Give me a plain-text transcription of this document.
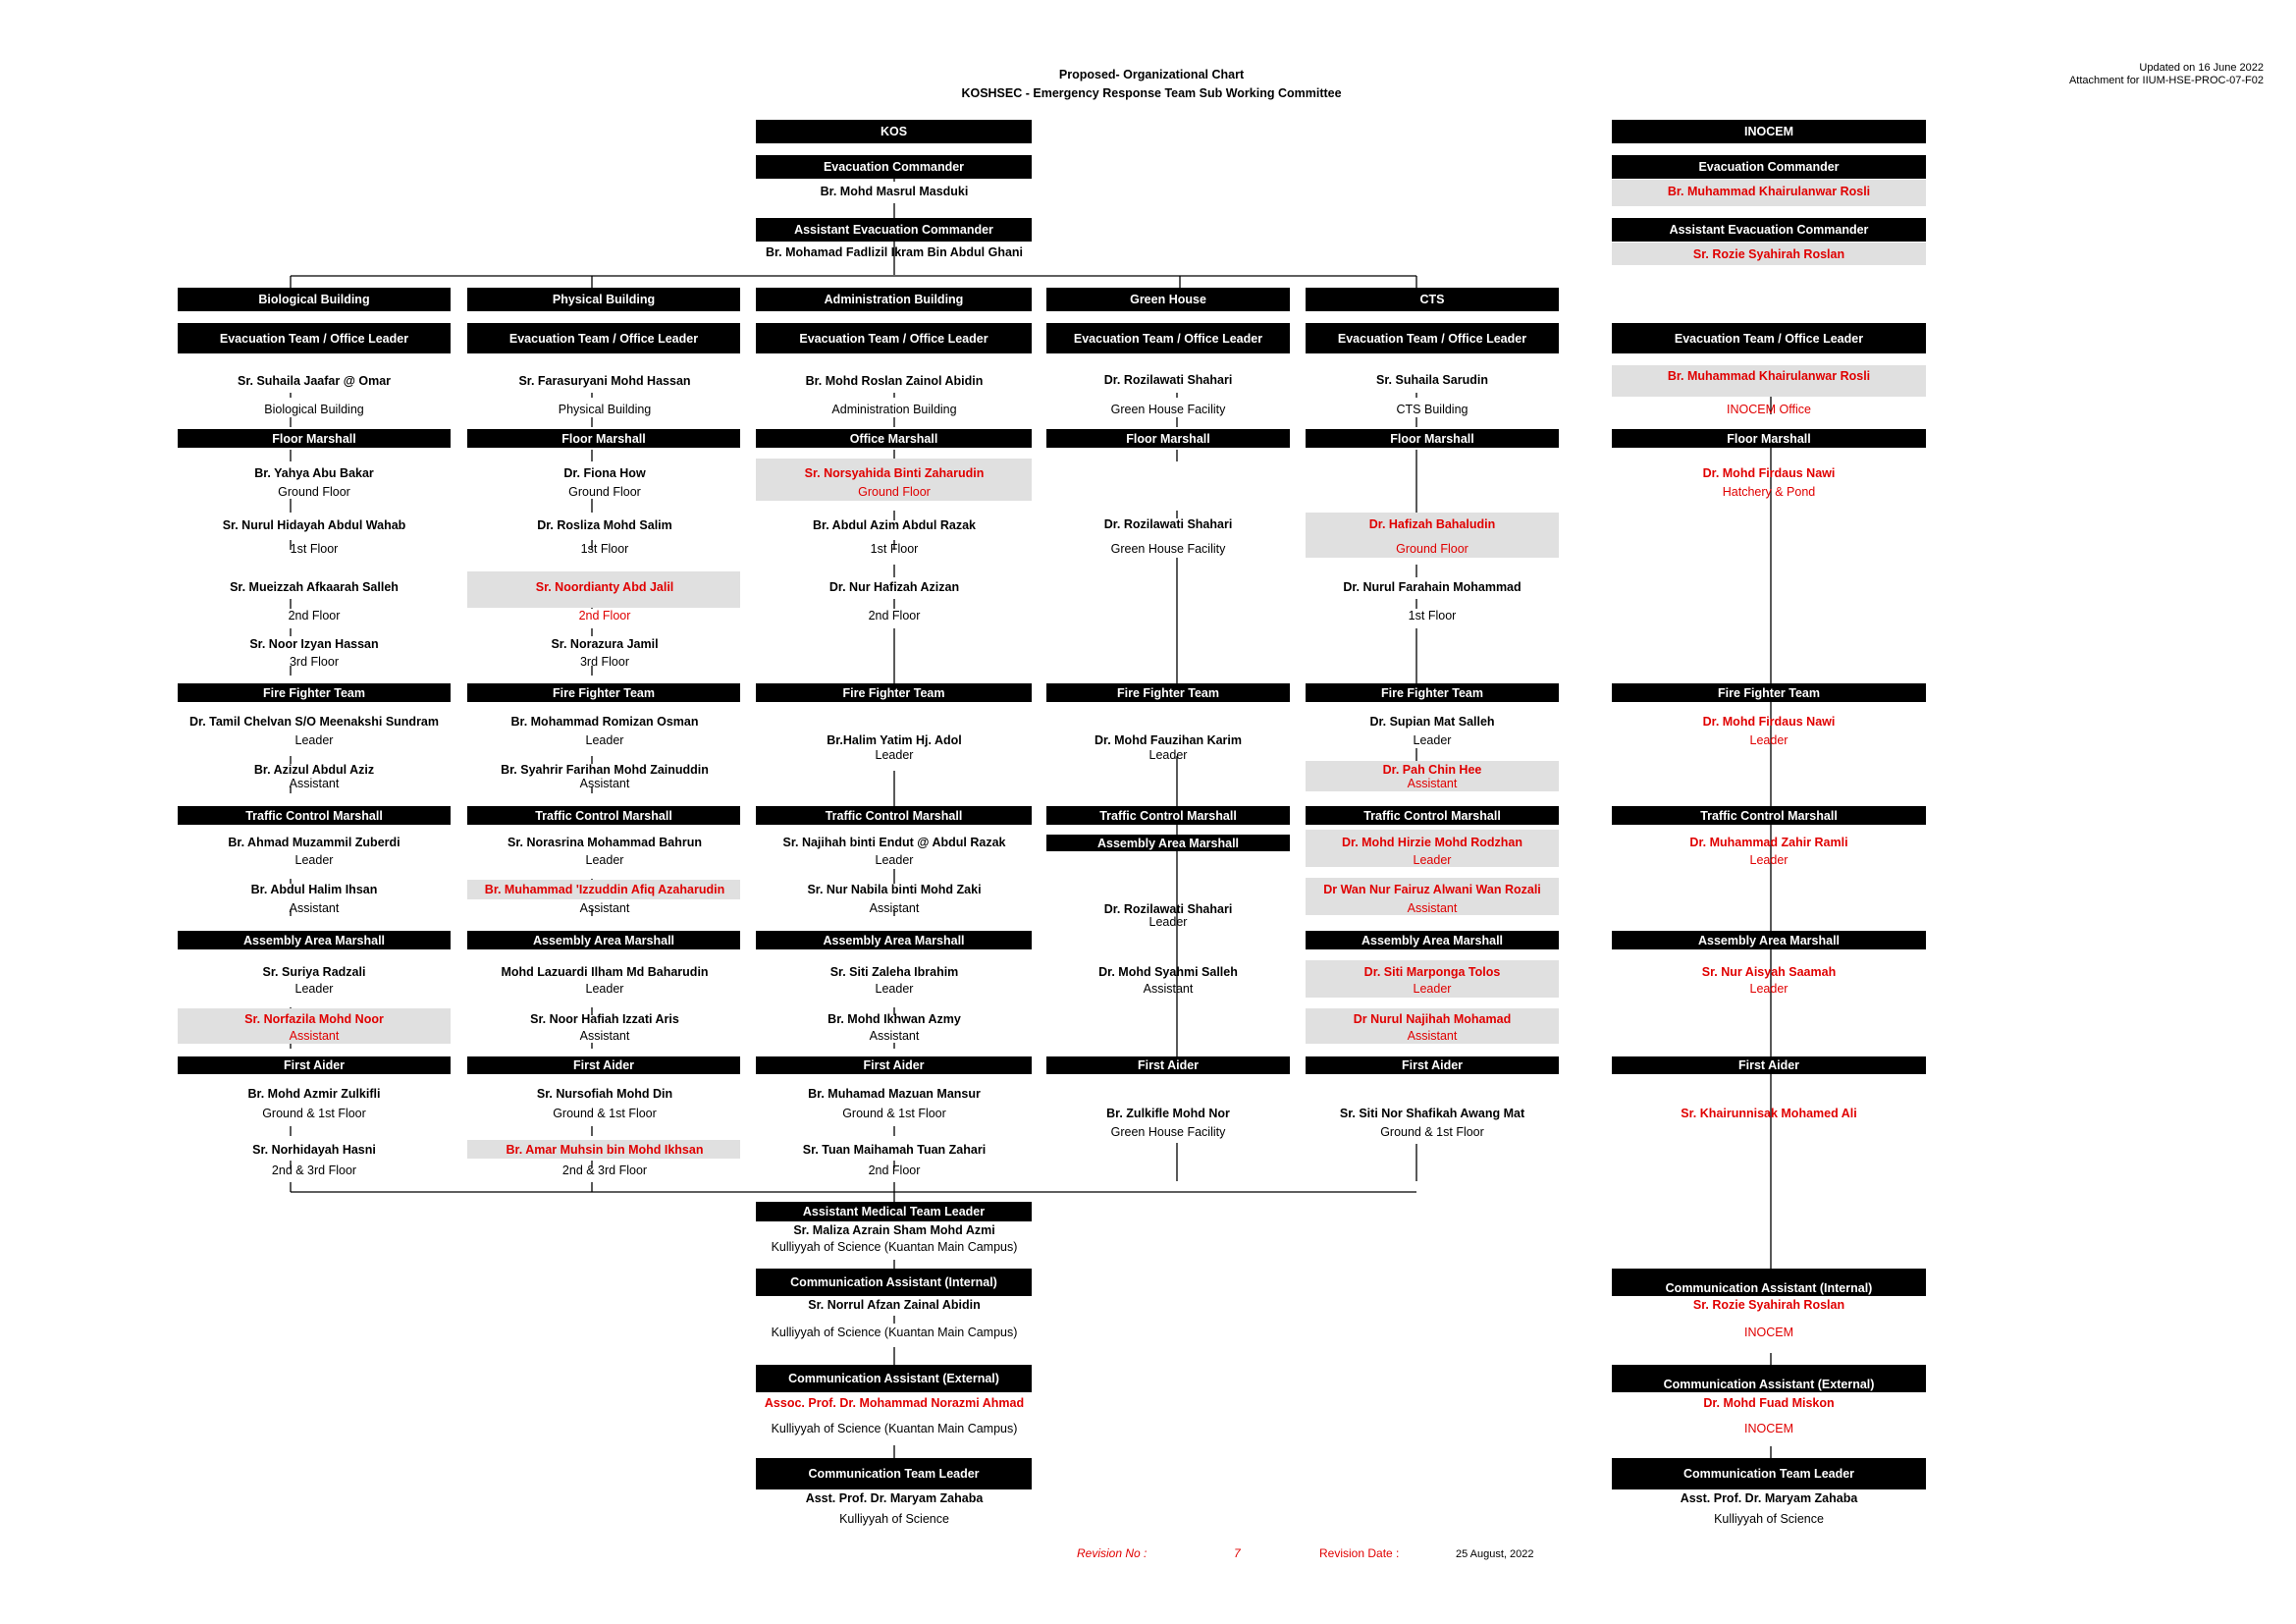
Proposed- Organizational Chart
KOSHSEC - Emergency Response Team Sub Working Committee
Updated on 16 June 2022
Attachment for IIUM-HSE-PROC-07-F02
KOS
Evacuation Commander
Br. Mohd Masrul Masduki
Assistant Evacuation Commander
Br. Mohamad Fadlizil Ikram Bin Abdul Ghani
INOCEM
Evacuation Commander
Br. Muhammad Khairulanwar Rosli
Assistant Evacuation Commander
Sr. Rozie Syahirah Roslan
Biological Building	Physical Building	Administration Building	Green House	CTS
Evacuation Team / Office Leader	Evacuation Team / Office Leader	Evacuation Team / Office Leader	Evacuation Team / Office Leader	Evacuation Team / Office Leader	Evacuation Team / Office Leader
Sr. Suhaila Jaafar @ Omar
Biological Building
Sr. Farasuryani Mohd Hassan
Physical Building
Br. Mohd Roslan Zainol Abidin
Administration Building
Dr. Rozilawati Shahari
Green House Facility
Sr. Suhaila Sarudin
CTS Building
Br. Muhammad Khairulanwar Rosli
INOCEM Office
Floor Marshall	Floor Marshall	Office Marshall	Floor Marshall	Floor Marshall	Floor Marshall
Br. Yahya Abu Bakar
Ground Floor
Sr. Nurul Hidayah Abdul Wahab
1st Floor
Sr. Mueizzah Afkaarah Salleh
2nd Floor
Sr. Noor Izyan Hassan
3rd Floor
Dr. Fiona How
Ground Floor
Dr. Rosliza Mohd Salim
1st Floor
Sr. Noordianty Abd Jalil
2nd Floor
Sr. Norazura Jamil
3rd Floor
Sr. Norsyahida Binti Zaharudin
Ground Floor
Br. Abdul Azim Abdul Razak
1st Floor
Dr. Nur Hafizah Azizan
2nd Floor
Dr. Rozilawati Shahari
Green House Facility
Dr. Hafizah Bahaludin
Ground Floor
Dr. Nurul Farahain Mohammad
1st Floor
Dr. Mohd Firdaus Nawi
Hatchery & Pond
Fire Fighter Team	Fire Fighter Team	Fire Fighter Team	Fire Fighter Team	Fire Fighter Team	Fire Fighter Team
Dr. Tamil Chelvan S/O Meenakshi Sundram
Leader
Br. Azizul Abdul Aziz
Assistant
Br. Mohammad Romizan Osman
Leader
Br. Syahrir Farihan Mohd Zainuddin
Assistant
Br.Halim Yatim Hj. Adol
Leader
Dr. Mohd Fauzihan Karim
Leader
Dr. Supian Mat Salleh
Leader
Dr. Pah Chin Hee
Assistant
Dr. Mohd Firdaus Nawi
Leader
Traffic Control Marshall	Traffic Control Marshall	Traffic Control Marshall	Traffic Control Marshall	Traffic Control Marshall	Traffic Control Marshall
Br. Ahmad Muzammil Zuberdi
Leader
Br. Abdul Halim Ihsan
Assistant
Sr. Norasrina Mohammad Bahrun
Leader
Br. Muhammad 'Izzuddin Afiq Azaharudin
Assistant
Sr. Najihah binti Endut @ Abdul Razak
Leader
Sr. Nur Nabila binti Mohd Zaki
Assistant
Assembly Area Marshall
Dr. Rozilawati Shahari
Leader
Dr. Mohd Syahmi Salleh
Assistant
Dr. Mohd Hirzie Mohd Rodzhan
Leader
Dr Wan Nur Fairuz Alwani Wan Rozali
Assistant
Dr. Muhammad Zahir Ramli
Leader
Assembly Area Marshall	Assembly Area Marshall	Assembly Area Marshall	Assembly Area Marshall	Assembly Area Marshall
Sr. Suriya Radzali
Leader
Sr. Norfazila Mohd Noor
Assistant
Mohd Lazuardi Ilham Md Baharudin
Leader
Sr. Noor Hafiah Izzati Aris
Assistant
Sr. Siti Zaleha Ibrahim
Leader
Br. Mohd Ikhwan Azmy
Assistant
Dr. Siti Marponga Tolos
Leader
Dr Nurul Najihah Mohamad
Assistant
Sr. Nur Aisyah Saamah
Leader
First Aider	First Aider	First Aider	First Aider	First Aider	First Aider
Br. Mohd Azmir Zulkifli
Ground & 1st Floor
Sr. Norhidayah Hasni
2nd & 3rd Floor
Sr. Nursofiah Mohd Din
Ground & 1st Floor
Br. Amar Muhsin bin Mohd Ikhsan
2nd & 3rd Floor
Br. Muhamad Mazuan Mansur
Ground & 1st Floor
Sr. Tuan Maihamah Tuan Zahari
2nd Floor
Br. Zulkifle Mohd Nor
Green House Facility
Sr. Siti Nor Shafikah Awang Mat
Ground & 1st Floor
Sr. Khairunnisak Mohamed Ali
Assistant Medical Team Leader
Sr. Maliza Azrain Sham Mohd Azmi
Kulliyyah of Science (Kuantan Main Campus)
Communication Assistant (Internal)
Sr. Norrul Afzan Zainal Abidin
Kulliyyah of Science (Kuantan Main Campus)
Communication Assistant (External)
Assoc. Prof. Dr. Mohammad Norazmi Ahmad
Kulliyyah of Science (Kuantan Main Campus)
Communication Team Leader
Asst. Prof. Dr. Maryam Zahaba
Kulliyyah of Science
Communication Assistant (Internal)
Sr. Rozie Syahirah Roslan
INOCEM
Communication Assistant (External)
Dr. Mohd Fuad Miskon
INOCEM
Communication Team Leader
Asst. Prof. Dr. Maryam Zahaba
Kulliyyah of Science
Revision No :	7	Revision Date :	25 August, 2022
